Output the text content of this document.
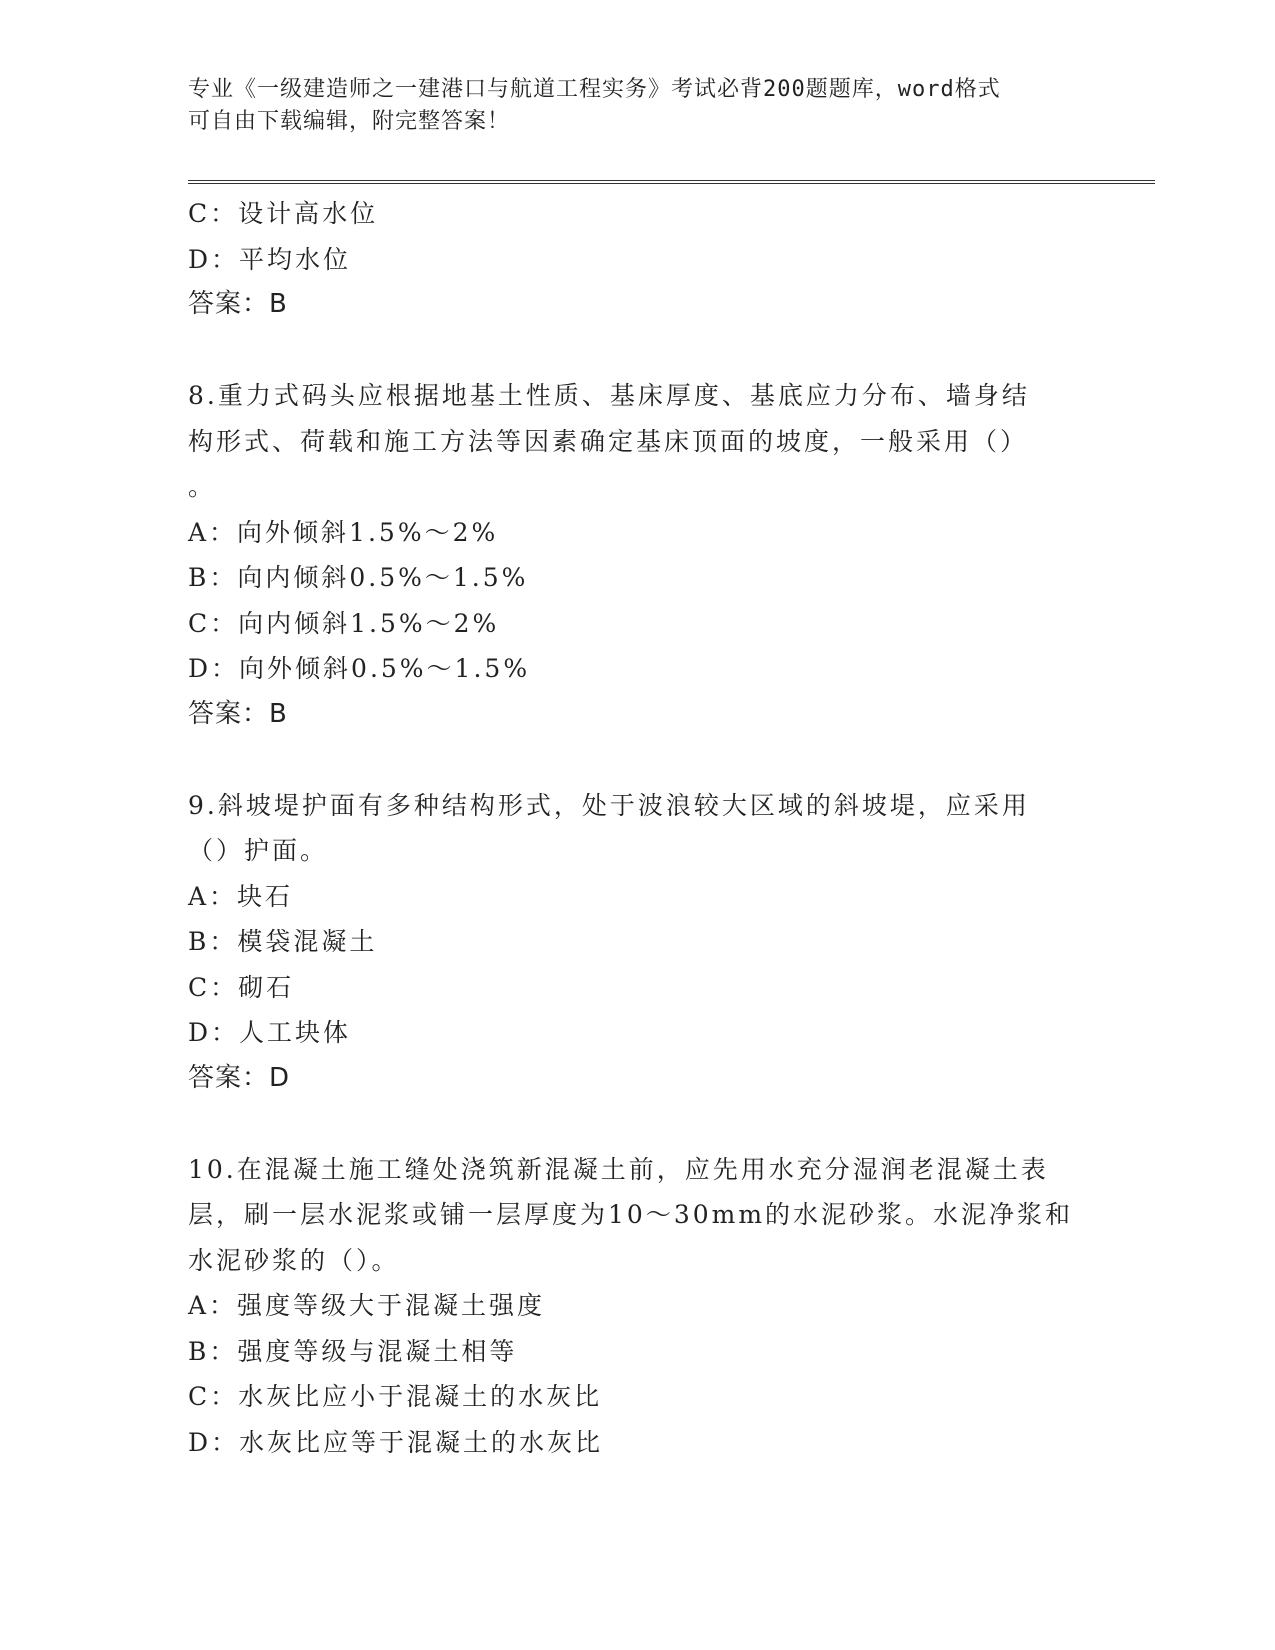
专业《一级建造师之一建港口与航道工程实务》考试必背200题题库，word格式
可自由下载编辑，附完整答案！
C：设计高水位
D：平均水位
答案：B
8.重力式码头应根据地基土性质、基床厚度、基底应力分布、墙身结
构形式、荷载和施工方法等因素确定基床顶面的坡度，一般采用（）
。
A：向外倾斜1.5%～2%
B：向内倾斜0.5%～1.5%
C：向内倾斜1.5%～2%
D：向外倾斜0.5%～1.5%
答案：B
9.斜坡堤护面有多种结构形式，处于波浪较大区域的斜坡堤，应采用
（）护面。
A：块石
B：模袋混凝土
C：砌石
D：人工块体
答案：D
10.在混凝土施工缝处浇筑新混凝土前，应先用水充分湿润老混凝土表
层，刷一层水泥浆或铺一层厚度为10～30mm的水泥砂浆。水泥净浆和
水泥砂浆的（）。
A：强度等级大于混凝土强度
B：强度等级与混凝土相等
C：水灰比应小于混凝土的水灰比
D：水灰比应等于混凝土的水灰比
